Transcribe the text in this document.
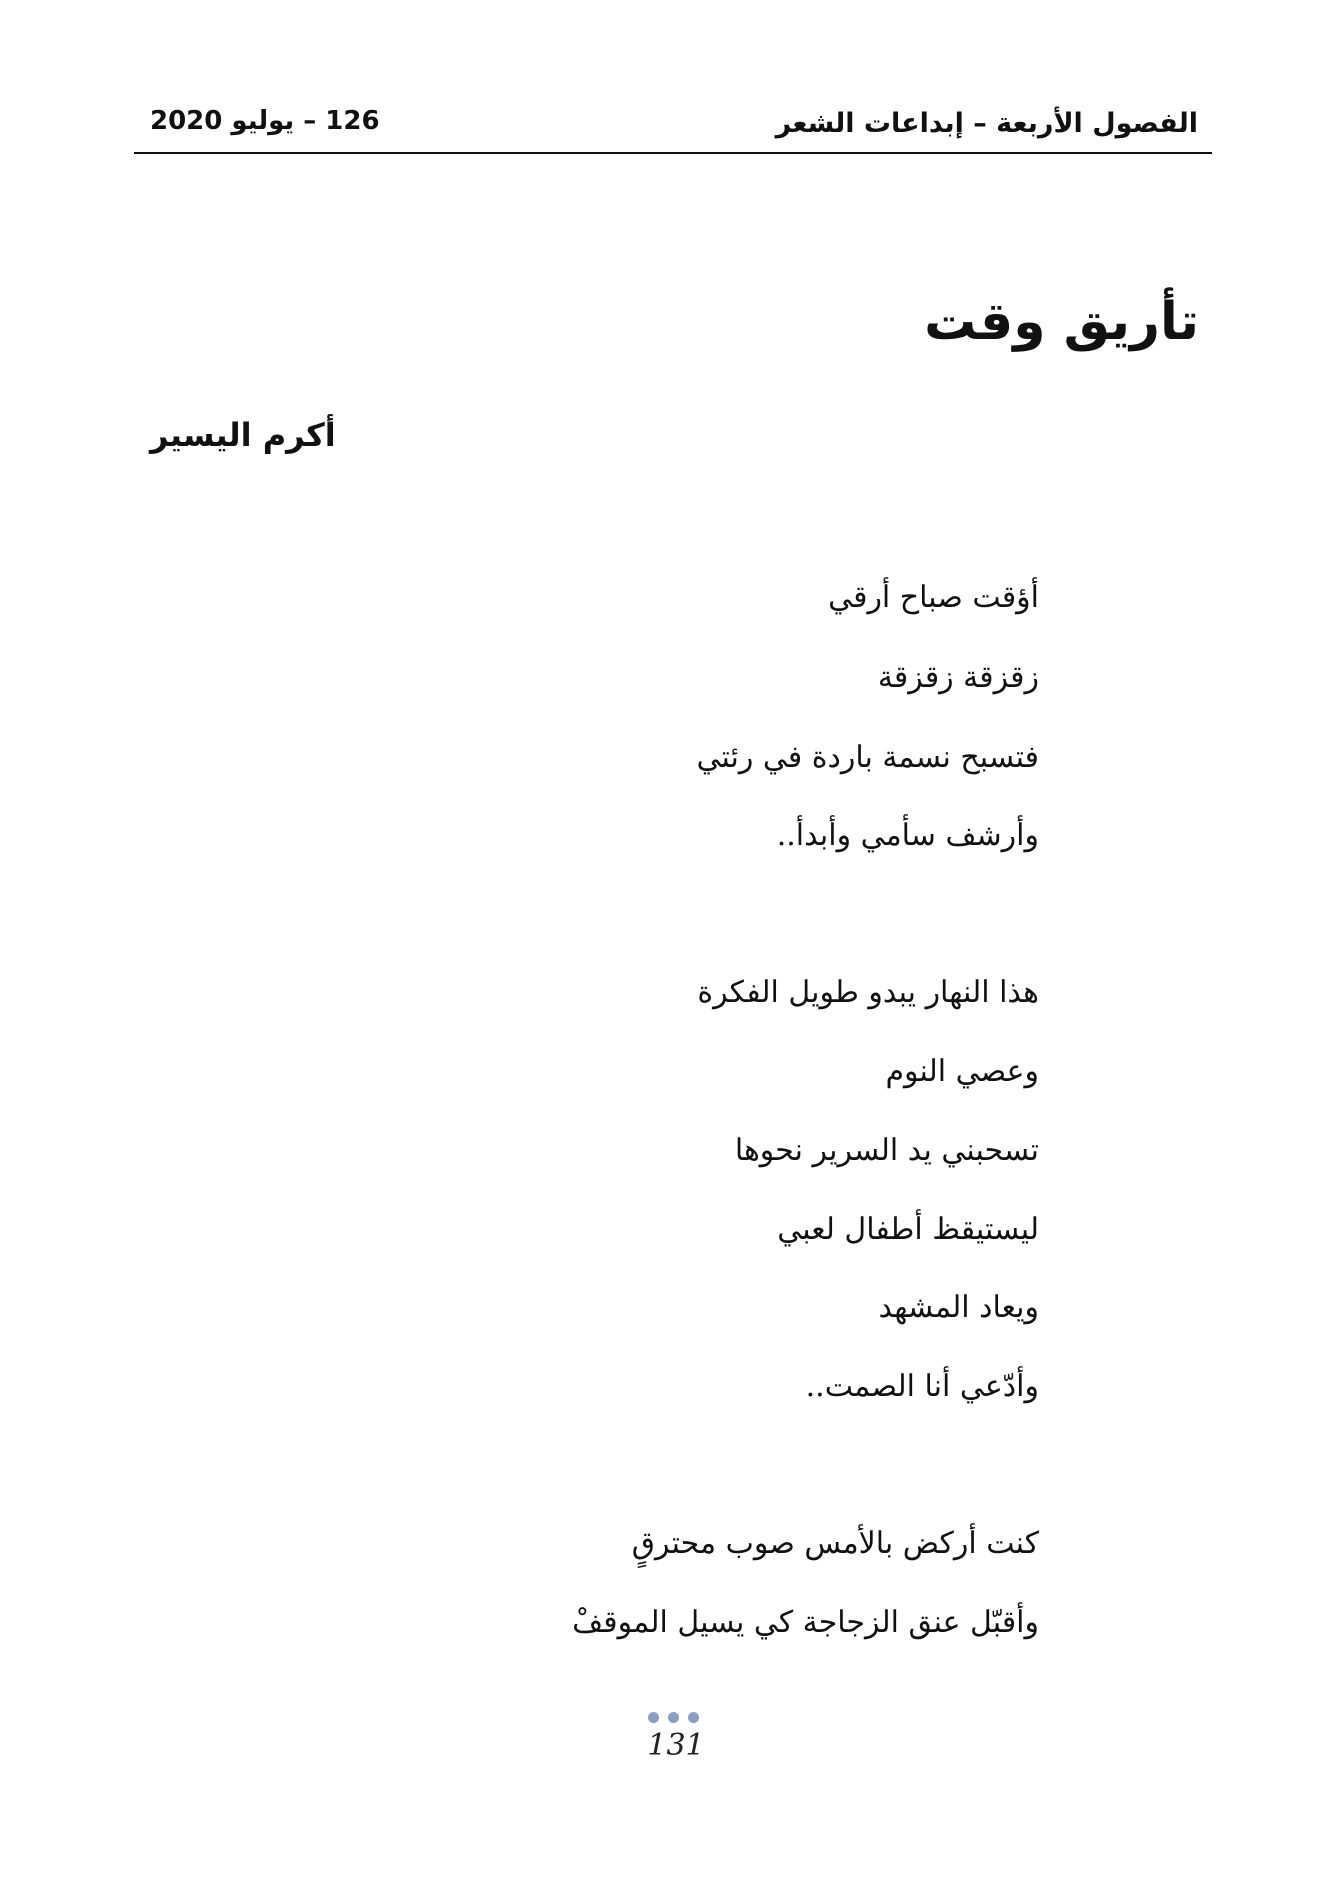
الفصول الأربعة – إبداعات الشعر
126 – يوليو 2020
تأريق وقت
أكرم اليسير
أؤقت صباح أرقي
زقزقة زقزقة
فتسبح نسمة باردة في رئتي
وأرشف سأمي وأبدأ..
هذا النهار يبدو طويل الفكرة
وعصي النوم
تسحبني يد السرير نحوها
ليستيقظ أطفال لعبي
ويعاد المشهد
وأدّعي أنا الصمت..
كنت أركض بالأمس صوب محترقٍ
وأقبّل عنق الزجاجة كي يسيل الموقفْ
131
